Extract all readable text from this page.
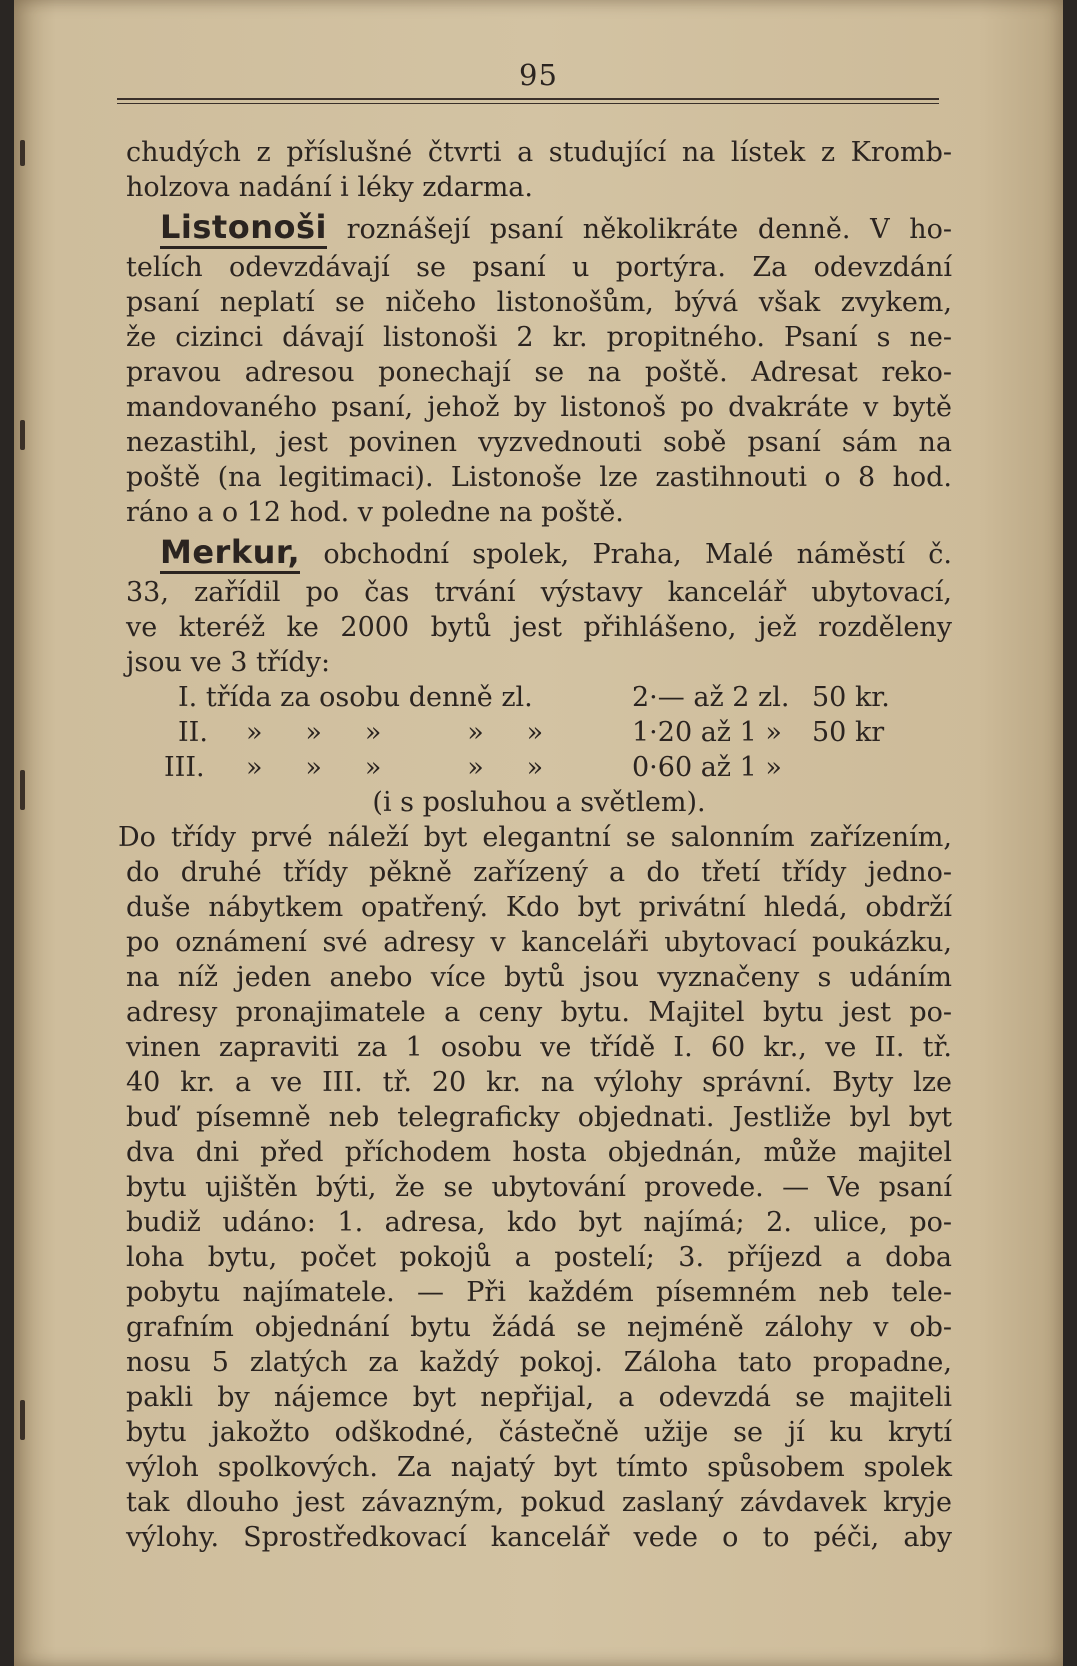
95
chudých z příslušné čtvrti a studující na lístek z Kromb-
holzova nadání i léky zdarma.
Listonoši roznášejí psaní několikráte denně. V ho-
telích odevzdávají se psaní u portýra. Za odevzdání
psaní neplatí se ničeho listonošům, bývá však zvykem,
že cizinci dávají listonoši 2 kr. propitného. Psaní s ne-
pravou adresou ponechají se na poště. Adresat reko-
mandovaného psaní, jehož by listonoš po dvakráte v bytě
nezastihl, jest povinen vyzvednouti sobě psaní sám na
poště (na legitimaci). Listonoše lze zastihnouti o 8 hod.
ráno a o 12 hod. v poledne na poště.
Merkur, obchodní spolek, Praha, Malé náměstí č.
33, zařídil po čas trvání výstavy kancelář ubytovací,
ve kteréž ke 2000 bytů jest přihlášeno, jež rozděleny
jsou ve 3 třídy:
I. třída za osobu denně zl.	2·— až 2 zl. 50 kr.
II. »     »     »          »     »	1·20 až 1 » 50 kr
III. »     »     »          »     »	0·60 až 1 »
(i s posluhou a světlem).
Do třídy prvé náleží byt elegantní se salonním zařízením,
do druhé třídy pěkně zařízený a do třetí třídy jedno-
duše nábytkem opatřený. Kdo byt privátní hledá, obdrží
po oznámení své adresy v kanceláři ubytovací poukázku,
na níž jeden anebo více bytů jsou vyznačeny s udáním
adresy pronajimatele a ceny bytu. Majitel bytu jest po-
vinen zapraviti za 1 osobu ve třídě I. 60 kr., ve II. tř.
40 kr. a ve III. tř. 20 kr. na výlohy správní. Byty lze
buď písemně neb telegraficky objednati. Jestliže byl byt
dva dni před příchodem hosta objednán, může majitel
bytu ujištěn býti, že se ubytování provede. — Ve psaní
budiž udáno: 1. adresa, kdo byt najímá; 2. ulice, po-
loha bytu, počet pokojů a postelí; 3. příjezd a doba
pobytu najímatele. — Při každém písemném neb tele-
grafním objednání bytu žádá se nejméně zálohy v ob-
nosu 5 zlatých za každý pokoj. Záloha tato propadne,
pakli by nájemce byt nepřijal, a odevzdá se majiteli
bytu jakožto odškodné, částečně užije se jí ku krytí
výloh spolkových. Za najatý byt tímto spůsobem spolek
tak dlouho jest závazným, pokud zaslaný závdavek kryje
výlohy. Sprostředkovací kancelář vede o to péči, aby
